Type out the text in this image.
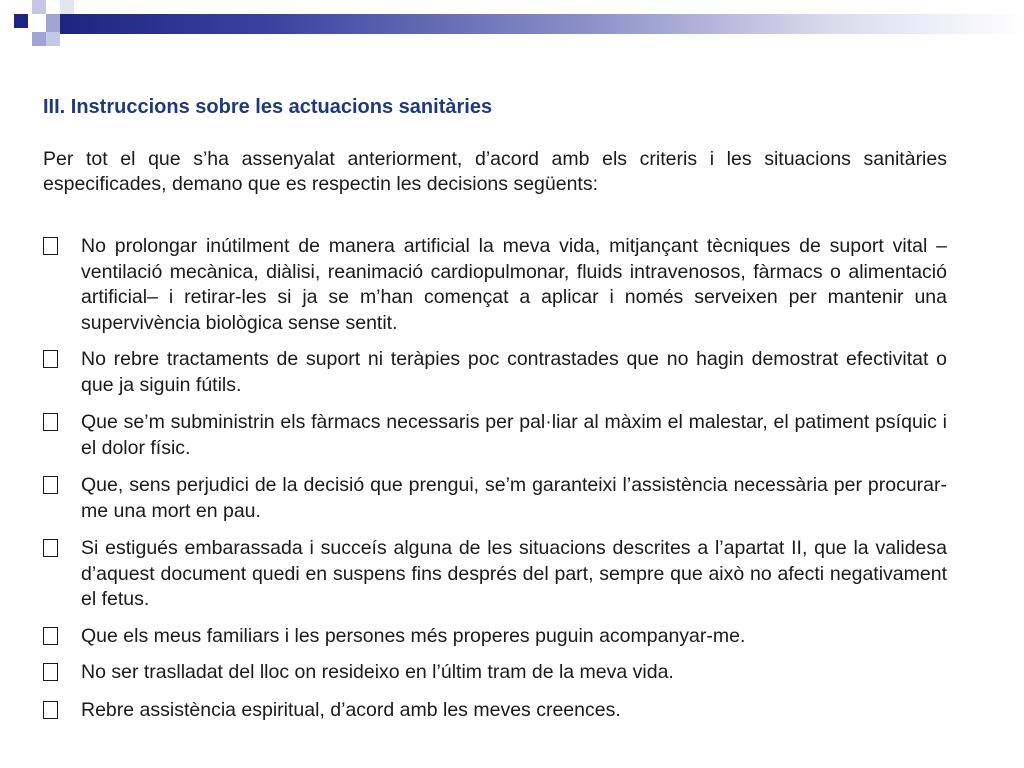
III. Instruccions sobre les actuacions sanitàries
Per tot el que s’ha assenyalat anteriorment, d’acord amb els criteris i les situacions sanitàries especificades, demano que es respectin les decisions següents:
No prolongar inútilment de manera artificial la meva vida, mitjançant tècniques de suport vital –ventilació mecànica, diàlisi, reanimació cardiopulmonar, fluids intravenosos, fàrmacs o alimentació artificial– i retirar-les si ja se m’han començat a aplicar i només serveixen per mantenir una supervivència biològica sense sentit.
No rebre tractaments de suport ni teràpies poc contrastades que no hagin demostrat efectivitat o que ja siguin fútils.
Que se’m subministrin els fàrmacs necessaris per pal·liar al màxim el malestar, el patiment psíquic i el dolor físic.
Que, sens perjudici de la decisió que prengui, se’m garanteixi l’assistència necessària per procurar-me una mort en pau.
Si estigués embarassada i succeís alguna de les situacions descrites a l’apartat II, que la validesa d’aquest document quedi en suspens fins després del part, sempre que això no afecti negativament el fetus.
Que els meus familiars i les persones més properes puguin acompanyar-me.
No ser traslladat del lloc on resideixo en l’últim tram de la meva vida.
Rebre assistència espiritual, d’acord amb les meves creences.
